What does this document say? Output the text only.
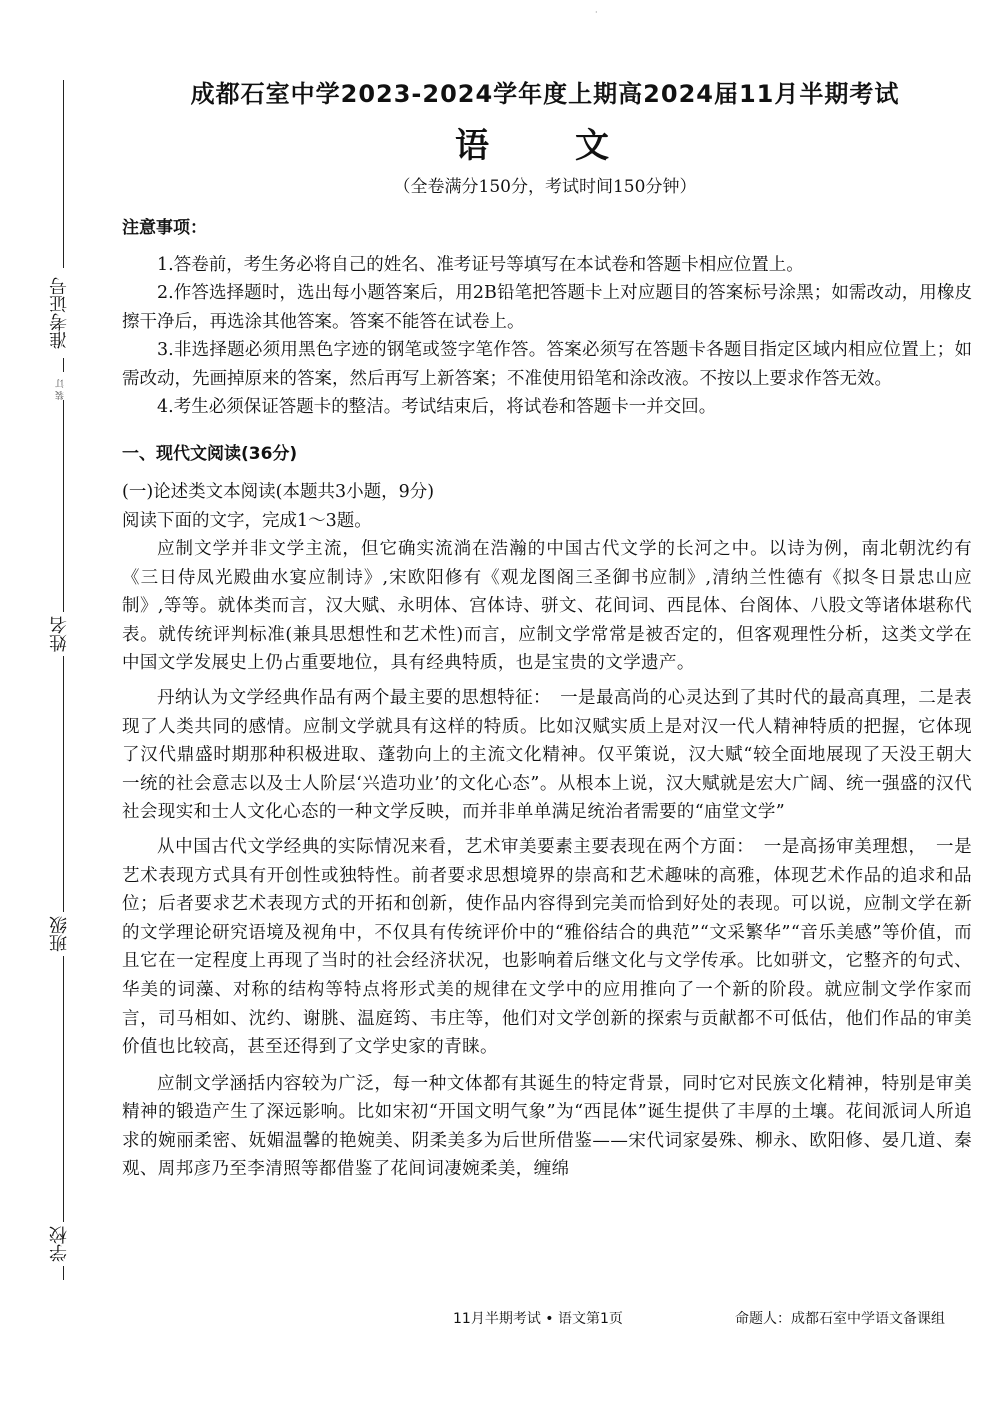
准考证号
装 订
姓名
班级
学校
·
成都石室中学2023-2024学年度上期高2024届11月半期考试
语　文
（全卷满分150分，考试时间150分钟）
注意事项：

1.答卷前，考生务必将自己的姓名、准考证号等填写在本试卷和答题卡相应位置上。

2.作答选择题时，选出每小题答案后，用2B铅笔把答题卡上对应题目的答案标号涂黑；如需改动，用橡皮擦干净后，再选涂其他答案。答案不能答在试卷上。

3.非选择题必须用黑色字迹的钢笔或签字笔作答。答案必须写在答题卡各题目指定区域内相应位置上；如需改动，先画掉原来的答案，然后再写上新答案；不准使用铅笔和涂改液。不按以上要求作答无效。

4.考生必须保证答题卡的整洁。考试结束后，将试卷和答题卡一并交回。

一、现代文阅读(36分)

(一)论述类文本阅读(本题共3小题，9分)

阅读下面的文字，完成1～3题。

应制文学并非文学主流，但它确实流淌在浩瀚的中国古代文学的长河之中。以诗为例，南北朝沈约有《三日侍凤光殿曲水宴应制诗》,宋欧阳修有《观龙图阁三圣御书应制》,清纳兰性德有《拟冬日景忠山应制》,等等。就体类而言，汉大赋、永明体、宫体诗、骈文、花间词、西昆体、台阁体、八股文等诸体堪称代表。就传统评判标准(兼具思想性和艺术性)而言，应制文学常常是被否定的，但客观理性分析，这类文学在中国文学发展史上仍占重要地位，具有经典特质，也是宝贵的文学遗产。

丹纳认为文学经典作品有两个最主要的思想特征：　一是最高尚的心灵达到了其时代的最高真理，二是表现了人类共同的感情。应制文学就具有这样的特质。比如汉赋实质上是对汉一代人精神特质的把握，它体现了汉代鼎盛时期那种积极进取、蓬勃向上的主流文化精神。仅平策说，汉大赋“较全面地展现了天没王朝大一统的社会意志以及士人阶层‘兴造功业’的文化心态”。从根本上说，汉大赋就是宏大广阔、统一强盛的汉代社会现实和士人文化心态的一种文学反映，而并非单单满足统治者需要的“庙堂文学”

从中国古代文学经典的实际情况来看，艺术审美要素主要表现在两个方面：　一是高扬审美理想，　一是艺术表现方式具有开创性或独特性。前者要求思想境界的崇高和艺术趣味的高雅，体现艺术作品的追求和品位；后者要求艺术表现方式的开拓和创新，使作品内容得到完美而恰到好处的表现。可以说，应制文学在新的文学理论研究语境及视角中，不仅具有传统评价中的“雅俗结合的典范”“文采繁华”“音乐美感”等价值，而且它在一定程度上再现了当时的社会经济状况，也影响着后继文化与文学传承。比如骈文，它整齐的句式、华美的词藻、对称的结构等特点将形式美的规律在文学中的应用推向了一个新的阶段。就应制文学作家而言，司马相如、沈约、谢朓、温庭筠、韦庄等，他们对文学创新的探索与贡献都不可低估，他们作品的审美价值也比较高，甚至还得到了文学史家的青睐。

应制文学涵括内容较为广泛，每一种文体都有其诞生的特定背景，同时它对民族文化精神，特别是审美精神的锻造产生了深远影响。比如宋初“开国文明气象”为“西昆体”诞生提供了丰厚的土壤。花间派词人所追求的婉丽柔密、妩媚温馨的艳婉美、阴柔美多为后世所借鉴——宋代词家晏殊、柳永、欧阳修、晏几道、秦观、周邦彦乃至李清照等都借鉴了花间词凄婉柔美，缠绵

11月半期考试 • 语文第1页	命题人：成都石室中学语文备课组
